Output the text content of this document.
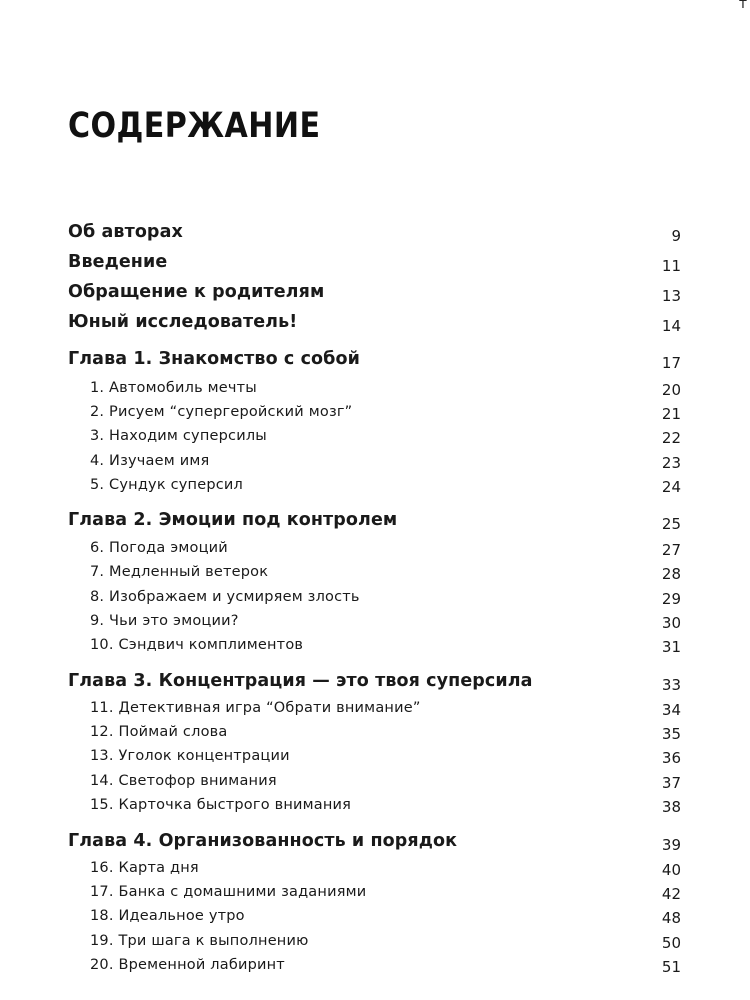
т
СОДЕРЖАНИЕ
Об авторах	9
Введение	11
Обращение к родителям	13
Юный исследователь!	14
Глава 1. Знакомство с собой	17
1. Автомобиль мечты	20
2. Рисуем “супергеройский мозг”	21
3. Находим суперсилы	22
4. Изучаем имя	23
5. Сундук суперсил	24
Глава 2. Эмоции под контролем	25
6. Погода эмоций	27
7. Медленный ветерок	28
8. Изображаем и усмиряем злость	29
9. Чьи это эмоции?	30
10. Сэндвич комплиментов	31
Глава 3. Концентрация — это твоя суперсила	33
11. Детективная игра “Обрати внимание”	34
12. Поймай слова	35
13. Уголок концентрации	36
14. Светофор внимания	37
15. Карточка быстрого внимания	38
Глава 4. Организованность и порядок	39
16. Карта дня	40
17. Банка с домашними заданиями	42
18. Идеальное утро	48
19. Три шага к выполнению	50
20. Временной лабиринт	51
